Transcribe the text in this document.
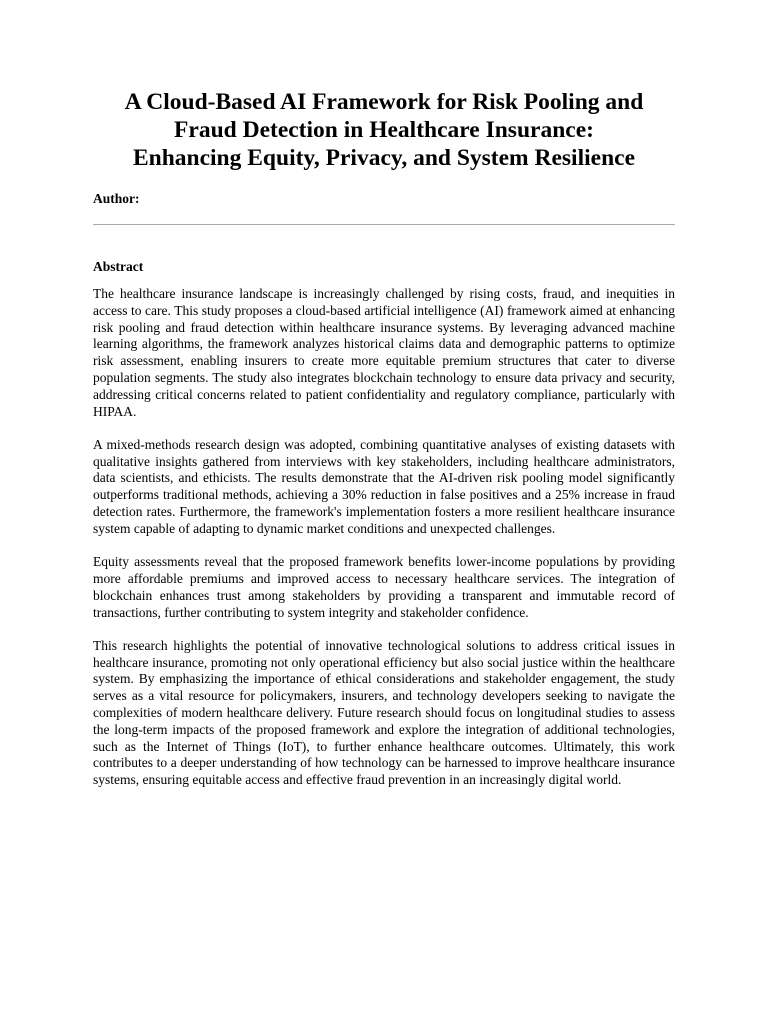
A Cloud-Based AI Framework for Risk Pooling and
Fraud Detection in Healthcare Insurance:
Enhancing Equity, Privacy, and System Resilience
Author:
Abstract

The healthcare insurance landscape is increasingly challenged by rising costs, fraud, and inequities in access to care. This study proposes a cloud-based artificial intelligence (AI) framework aimed at enhancing risk pooling and fraud detection within healthcare insurance systems. By leveraging advanced machine learning algorithms, the framework analyzes historical claims data and demographic patterns to optimize risk assessment, enabling insurers to create more equitable premium structures that cater to diverse population segments. The study also integrates blockchain technology to ensure data privacy and security, addressing critical concerns related to patient confidentiality and regulatory compliance, particularly with HIPAA.

A mixed-methods research design was adopted, combining quantitative analyses of existing datasets with qualitative insights gathered from interviews with key stakeholders, including healthcare administrators, data scientists, and ethicists. The results demonstrate that the AI-driven risk pooling model significantly outperforms traditional methods, achieving a 30% reduction in false positives and a 25% increase in fraud detection rates. Furthermore, the framework's implementation fosters a more resilient healthcare insurance system capable of adapting to dynamic market conditions and unexpected challenges.

Equity assessments reveal that the proposed framework benefits lower-income populations by providing more affordable premiums and improved access to necessary healthcare services. The integration of blockchain enhances trust among stakeholders by providing a transparent and immutable record of transactions, further contributing to system integrity and stakeholder confidence.

This research highlights the potential of innovative technological solutions to address critical issues in healthcare insurance, promoting not only operational efficiency but also social justice within the healthcare system. By emphasizing the importance of ethical considerations and stakeholder engagement, the study serves as a vital resource for policymakers, insurers, and technology developers seeking to navigate the complexities of modern healthcare delivery. Future research should focus on longitudinal studies to assess the long-term impacts of the proposed framework and explore the integration of additional technologies, such as the Internet of Things (IoT), to further enhance healthcare outcomes. Ultimately, this work contributes to a deeper understanding of how technology can be harnessed to improve healthcare insurance systems, ensuring equitable access and effective fraud prevention in an increasingly digital world.
